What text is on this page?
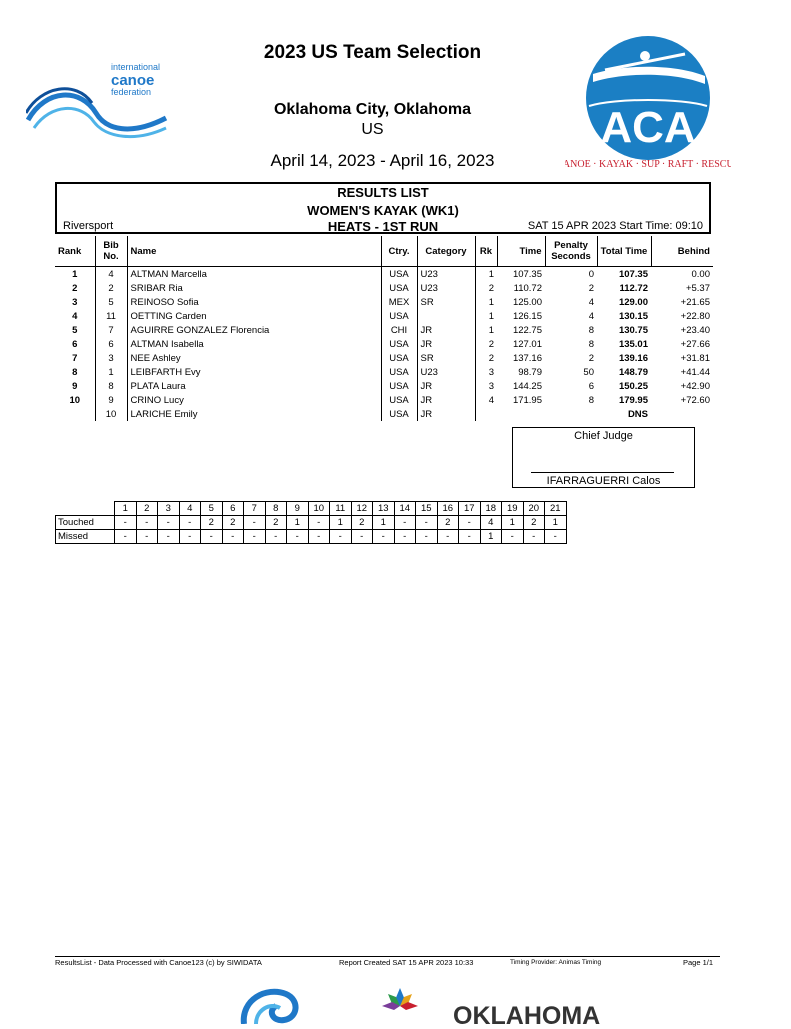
international
canoe
federation
2023 US Team Selection
Oklahoma City, Oklahoma
US
April 14, 2023 - April 16, 2023
ACA
CANOE · KAYAK · SUP · RAFT · RESCUE
RESULTS LIST
WOMEN'S KAYAK (WK1)
HEATS - 1ST RUN
Riversport	SAT 15 APR 2023 Start Time: 09:10
Rank	Bib No.	Name	Ctry.	Category	Rk	Time	Penalty Seconds	Total Time	Behind
1	4	ALTMAN Marcella	USA	U23	1	107.35	0	107.35	0.00
2	2	SRIBAR Ria	USA	U23	2	110.72	2	112.72	+5.37
3	5	REINOSO Sofia	MEX	SR	1	125.00	4	129.00	+21.65
4	11	OETTING Carden	USA		1	126.15	4	130.15	+22.80
5	7	AGUIRRE GONZALEZ Florencia	CHI	JR	1	122.75	8	130.75	+23.40
6	6	ALTMAN Isabella	USA	JR	2	127.01	8	135.01	+27.66
7	3	NEE Ashley	USA	SR	2	137.16	2	139.16	+31.81
8	1	LEIBFARTH Evy	USA	U23	3	98.79	50	148.79	+41.44
9	8	PLATA Laura	USA	JR	3	144.25	6	150.25	+42.90
10	9	CRINO Lucy	USA	JR	4	171.95	8	179.95	+72.60
	10	LARICHE Emily	USA	JR				DNS	
Chief Judge
IFARRAGUERRI Calos
	1	2	3	4	5	6	7	8	9	10	11	12	13	14	15	16	17	18	19	20	21
Touched	-	-	-	-	2	2	-	2	1	-	1	2	1	-	-	2	-	4	1	2	1
Missed	-	-	-	-	-	-	-	-	-	-	-	-	-	-	-	-	-	1	-	-	-
ResultsList - Data Processed with Canoe123 (c) by SIWIDATA	Report Created SAT 15 APR 2023 10:33	Timing Provider: Animas Timing	Page 1/1
OKLAHOMA
